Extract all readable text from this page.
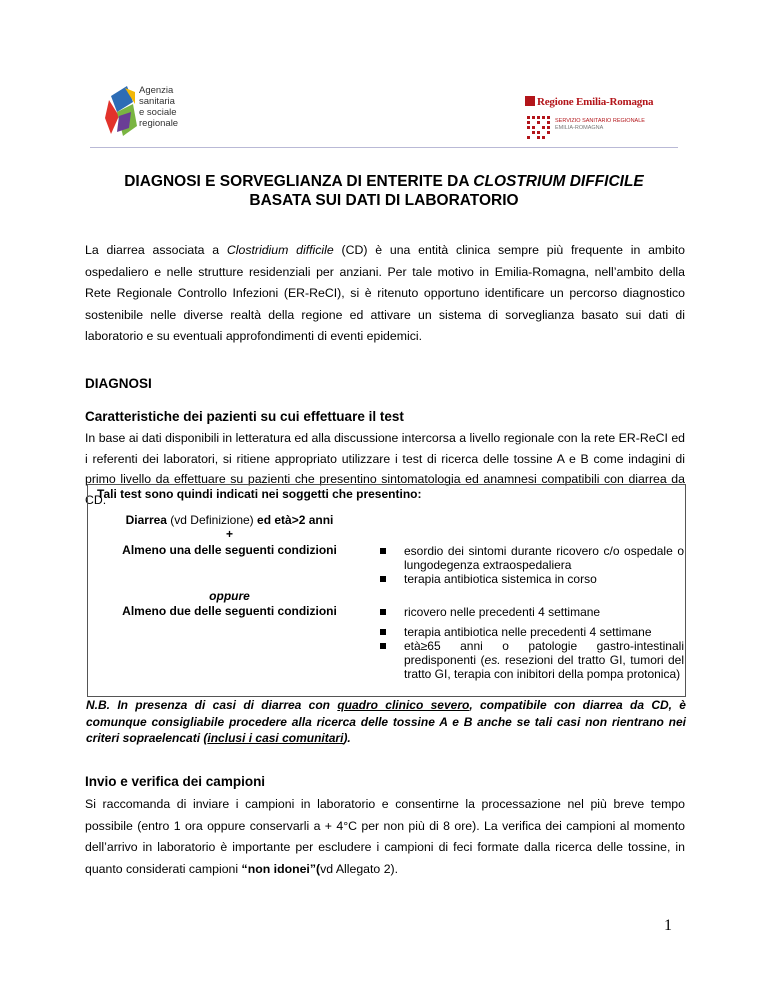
Agenzia
sanitaria
e sociale
regionale
Regione Emilia-Romagna
SERVIZIO SANITARIO REGIONALE
EMILIA-ROMAGNA
DIAGNOSI E SORVEGLIANZA DI ENTERITE DA CLOSTRIUM DIFFICILE
BASATA SUI DATI DI LABORATORIO

La diarrea associata a Clostridium difficile (CD) è una entità clinica sempre più frequente in ambito ospedaliero e nelle strutture residenziali per anziani. Per tale motivo in Emilia-Romagna, nell’ambito della Rete Regionale Controllo Infezioni (ER-ReCI), si è ritenuto opportuno identificare un percorso diagnostico sostenibile nelle diverse realtà della regione ed attivare un sistema di sorveglianza basato sui dati di laboratorio e su eventuali approfondimenti di eventi epidemici.

DIAGNOSI

Caratteristiche dei pazienti su cui effettuare il test

In base ai dati disponibili in letteratura ed alla discussione intercorsa a livello regionale con la rete ER-ReCI ed i referenti dei laboratori, si ritiene appropriato utilizzare i test di ricerca delle tossine A e B come indagini di primo livello da effettuare su pazienti che presentino sintomatologia ed anamnesi compatibili con diarrea da CD.

Tali test sono quindi indicati nei soggetti che presentino:

Diarrea (vd Definizione) ed età>2 anni

+

Almeno una delle seguenti condizioni

oppure

Almeno due delle seguenti condizioni

esordio dei sintomi durante ricovero c/o ospedale o lungodegenza extraospedaliera
terapia antibiotica sistemica in corso
ricovero nelle precedenti 4 settimane
terapia antibiotica nelle precedenti 4 settimane
età≥65 anni o patologie gastro-intestinali predisponenti (es. resezioni del tratto GI, tumori del tratto GI, terapia con inibitori della pompa protonica)

N.B. In presenza di casi di diarrea con quadro clinico severo, compatibile con diarrea da CD, è comunque consigliabile procedere alla ricerca delle tossine A e B anche se tali casi non rientrano nei criteri sopraelencati (inclusi i casi comunitari).

Invio e verifica dei campioni

Si raccomanda di inviare i campioni in laboratorio e consentirne la processazione nel più breve tempo possibile (entro 1 ora oppure conservarli a + 4°C per non più di 8 ore). La verifica dei campioni al momento dell’arrivo in laboratorio è importante per escludere i campioni di feci formate dalla ricerca delle tossine, in quanto considerati campioni “non idonei”(vd Allegato 2).

1
